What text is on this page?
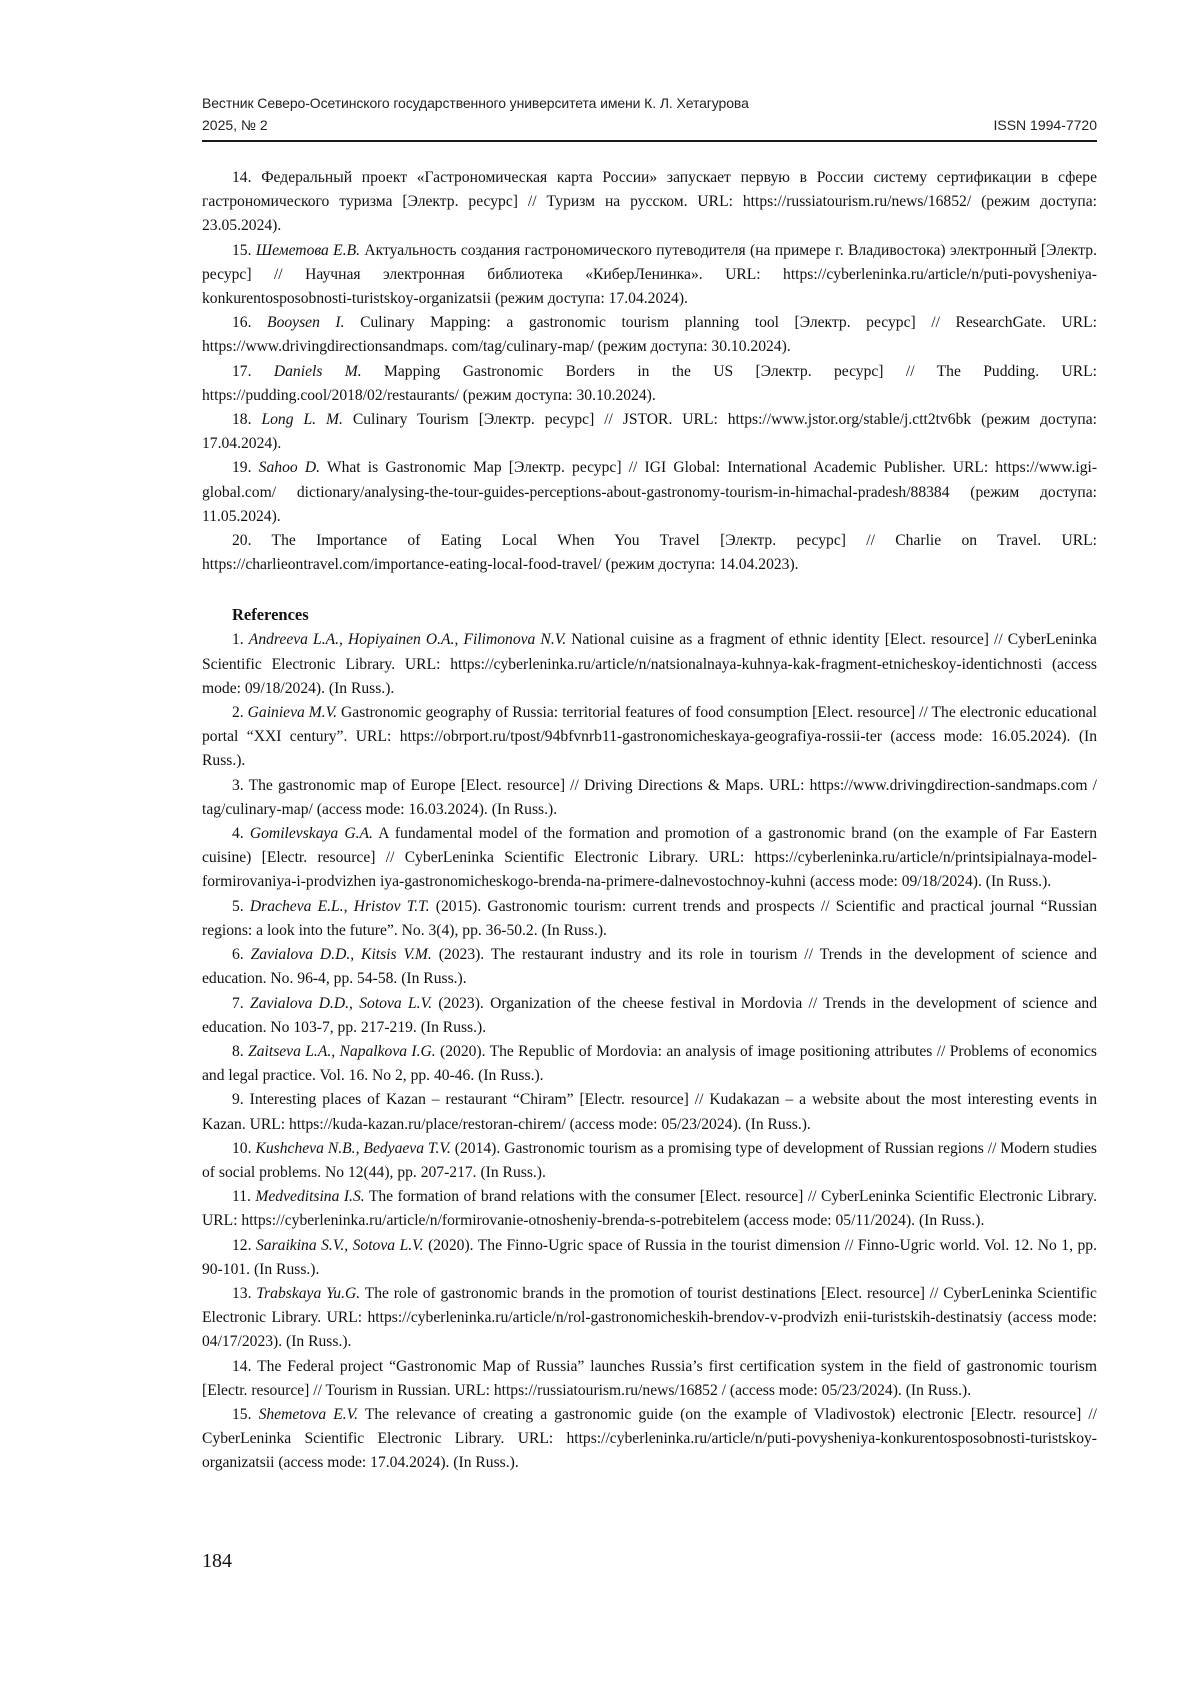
Вестник Северо-Осетинского государственного университета имени К. Л. Хетагурова
2025, № 2	ISSN 1994-7720

14. Федеральный проект «Гастрономическая карта России» запускает первую в России систему сертификации в сфере гастрономического туризма [Электр. ресурс] // Туризм на русском. URL: https://russiatourism.ru/news/16852/ (режим доступа: 23.05.2024).

15. Шеметова Е.В. Актуальность создания гастрономического путеводителя (на примере г. Владивостока) электронный [Электр. ресурс] // Научная электронная библиотека «КиберЛенинка». URL: https://cyberleninka.ru/article/n/puti-povysheniya-konkurentosposobnosti-turistskoy-organizatsii (режим доступа: 17.04.2024).

16. Booysen I. Culinary Mapping: a gastronomic tourism planning tool [Электр. ресурс] // ResearchGate. URL: https://www.drivingdirectionsandmaps. com/tag/culinary-map/ (режим доступа: 30.10.2024).

17. Daniels M. Mapping Gastronomic Borders in the US [Электр. ресурс] // The Pudding. URL: https://pudding.cool/2018/02/restaurants/ (режим доступа: 30.10.2024).

18. Long L. M. Culinary Tourism [Электр. ресурс] // JSTOR. URL: https://www.jstor.org/stable/j.ctt2tv6bk (режим доступа: 17.04.2024).

19. Sahoo D. What is Gastronomic Map [Электр. ресурс] // IGI Global: International Academic Publisher. URL: https://www.igi-global.com/ dictionary/analysing-the-tour-guides-perceptions-about-gastronomy-tourism-in-himachal-pradesh/88384 (режим доступа: 11.05.2024).

20. The Importance of Eating Local When You Travel [Электр. ресурс] // Charlie on Travel. URL: https://charlieontravel.com/importance-eating-local-food-travel/ (режим доступа: 14.04.2023).

References

1. Andreeva L.A., Hopiyainen O.A., Filimonova N.V. National cuisine as a fragment of ethnic identity [Elect. resource] // CyberLeninka Scientific Electronic Library. URL: https://cyberleninka.ru/article/n/natsionalnaya-kuhnya-kak-fragment-etnicheskoy-identichnosti (access mode: 09/18/2024). (In Russ.).

2. Gainieva M.V. Gastronomic geography of Russia: territorial features of food consumption [Elect. resource] // The electronic educational portal “XXI century”. URL: https://obrport.ru/tpost/94bfvnrb11-gastronomicheskaya-geografiya-rossii-ter (access mode: 16.05.2024). (In Russ.).

3. The gastronomic map of Europe [Elect. resource] // Driving Directions & Maps. URL: https://www.drivingdirection-sandmaps.com / tag/culinary-map/ (access mode: 16.03.2024). (In Russ.).

4. Gomilevskaya G.A. A fundamental model of the formation and promotion of a gastronomic brand (on the example of Far Eastern cuisine) [Electr. resource] // CyberLeninka Scientific Electronic Library. URL: https://cyberleninka.ru/article/n/printsipialnaya-model-formirovaniya-i-prodvizhen iya-gastronomicheskogo-brenda-na-primere-dalnevostochnoy-kuhni (access mode: 09/18/2024). (In Russ.).

5. Dracheva E.L., Hristov T.T. (2015). Gastronomic tourism: current trends and prospects // Scientific and practical journal “Russian regions: a look into the future”. No. 3(4), pp. 36-50.2. (In Russ.).

6. Zavialova D.D., Kitsis V.M. (2023). The restaurant industry and its role in tourism // Trends in the development of science and education. No. 96-4, pp. 54-58. (In Russ.).

7. Zavialova D.D., Sotova L.V. (2023). Organization of the cheese festival in Mordovia // Trends in the development of science and education. No 103-7, pp. 217-219. (In Russ.).

8. Zaitseva L.A., Napalkova I.G. (2020). The Republic of Mordovia: an analysis of image positioning attributes // Problems of economics and legal practice. Vol. 16. No 2, pp. 40-46. (In Russ.).

9. Interesting places of Kazan – restaurant “Chiram” [Electr. resource] // Kudakazan – a website about the most interesting events in Kazan. URL: https://kuda-kazan.ru/place/restoran-chirem/ (access mode: 05/23/2024). (In Russ.).

10. Kushcheva N.B., Bedyaeva T.V. (2014). Gastronomic tourism as a promising type of development of Russian regions // Modern studies of social problems. No 12(44), pp. 207-217. (In Russ.).

11. Medveditsina I.S. The formation of brand relations with the consumer [Elect. resource] // CyberLeninka Scientific Electronic Library. URL: https://cyberleninka.ru/article/n/formirovanie-otnosheniy-brenda-s-potrebitelem (access mode: 05/11/2024). (In Russ.).

12. Saraikina S.V., Sotova L.V. (2020). The Finno-Ugric space of Russia in the tourist dimension // Finno-Ugric world. Vol. 12. No 1, pp. 90-101. (In Russ.).

13. Trabskaya Yu.G. The role of gastronomic brands in the promotion of tourist destinations [Elect. resource] // CyberLeninka Scientific Electronic Library. URL: https://cyberleninka.ru/article/n/rol-gastronomicheskih-brendov-v-prodvizh enii-turistskih-destinatsiy (access mode: 04/17/2023). (In Russ.).

14. The Federal project “Gastronomic Map of Russia” launches Russia’s first certification system in the field of gastronomic tourism [Electr. resource] // Tourism in Russian. URL: https://russiatourism.ru/news/16852 / (access mode: 05/23/2024). (In Russ.).

15. Shemetova E.V. The relevance of creating a gastronomic guide (on the example of Vladivostok) electronic [Electr. resource] // CyberLeninka Scientific Electronic Library. URL: https://cyberleninka.ru/article/n/puti-povysheniya-konkurentosposobnosti-turistskoy-organizatsii (access mode: 17.04.2024). (In Russ.).

184
